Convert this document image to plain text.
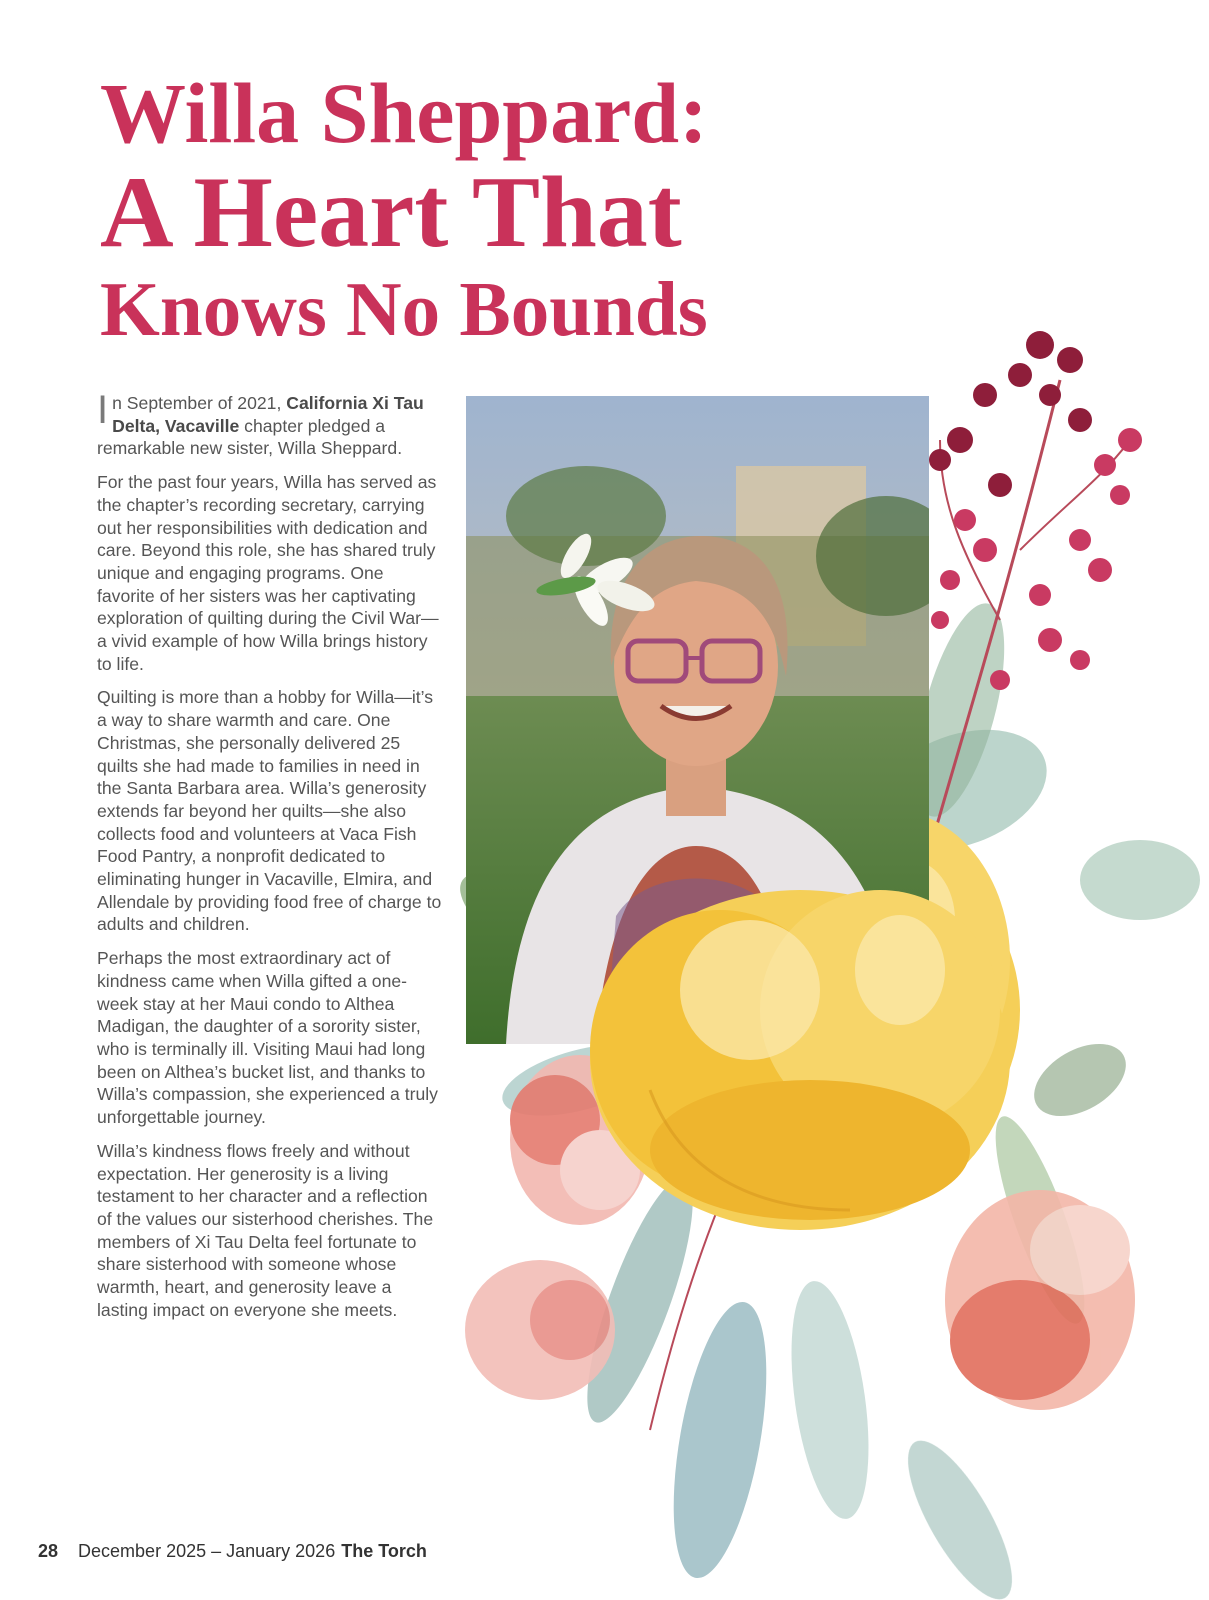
Willa Sheppard:
A Heart That
Knows No Bounds

In September of 2021, California Xi Tau Delta, Vacaville chapter pledged a remarkable new sister, Willa Sheppard.

For the past four years, Willa has served as the chapter’s recording secretary, carrying out her responsibilities with dedication and care. Beyond this role, she has shared truly unique and engaging programs. One favorite of her sisters was her captivating exploration of quilting during the Civil War—a vivid example of how Willa brings history to life.

Quilting is more than a hobby for Willa—it’s a way to share warmth and care. One Christmas, she personally delivered 25 quilts she had made to families in need in the Santa Barbara area. Willa’s generosity extends far beyond her quilts—she also collects food and volunteers at Vaca Fish Food Pantry, a nonprofit dedicated to eliminating hunger in Vacaville, Elmira, and Allendale by providing food free of charge to adults and children.

Perhaps the most extraordinary act of kindness came when Willa gifted a one-week stay at her Maui condo to Althea Madigan, the daughter of a sorority sister, who is terminally ill. Visiting Maui had long been on Althea’s bucket list, and thanks to Willa’s compassion, she experienced a truly unforgettable journey.

Willa’s kindness flows freely and without expectation. Her generosity is a living testament to her character and a reflection of the values our sisterhood cherishes. The members of Xi Tau Delta feel fortunate to share sisterhood with someone whose warmth, heart, and generosity leave a lasting impact on everyone she meets.

28 December 2025 – January 2026 The Torch
